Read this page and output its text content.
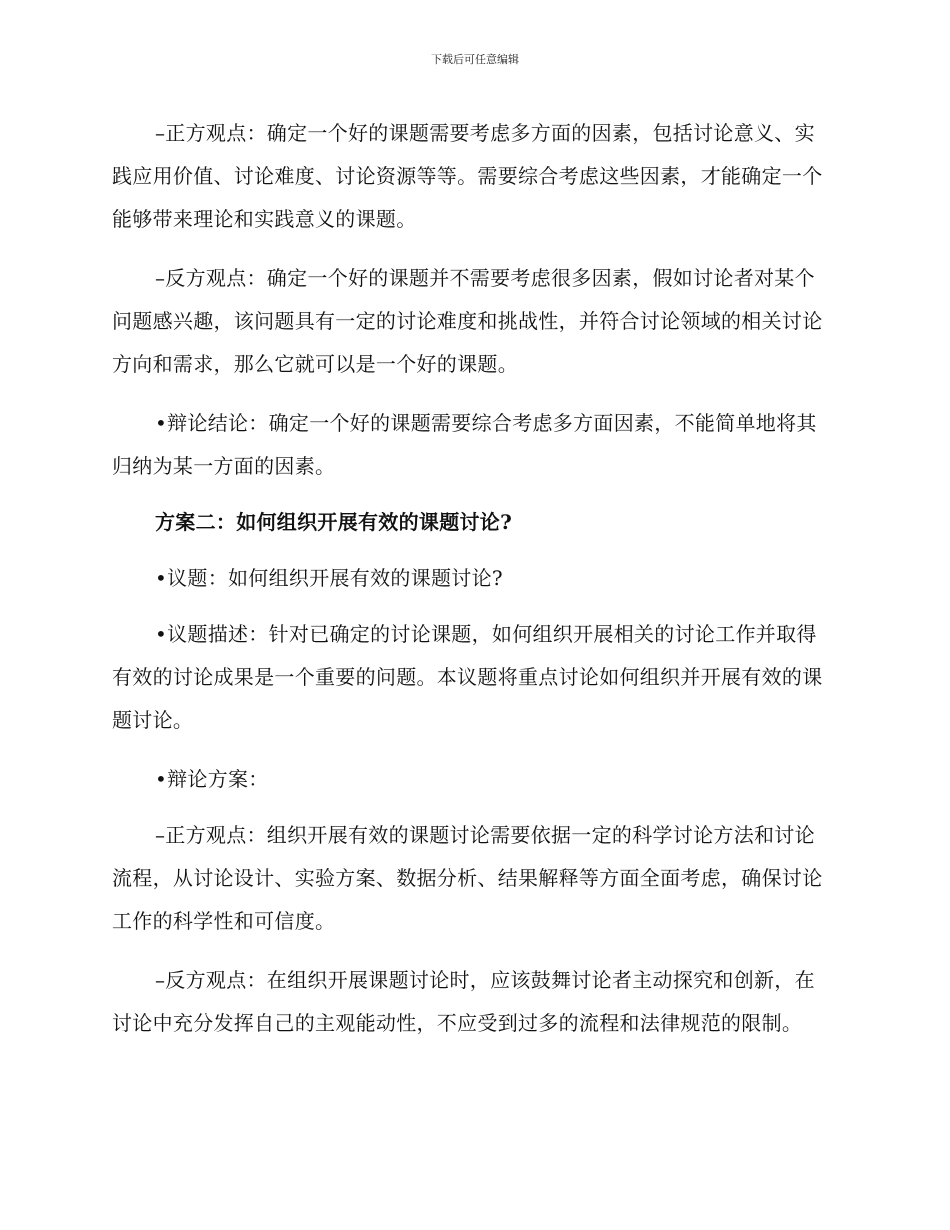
下载后可任意编辑

–正方观点：确定一个好的课题需要考虑多方面的因素，包括讨论意义、实践应用价值、讨论难度、讨论资源等等。需要综合考虑这些因素，才能确定一个能够带来理论和实践意义的课题。

–反方观点：确定一个好的课题并不需要考虑很多因素，假如讨论者对某个问题感兴趣，该问题具有一定的讨论难度和挑战性，并符合讨论领域的相关讨论方向和需求，那么它就可以是一个好的课题。

•辩论结论：确定一个好的课题需要综合考虑多方面因素，不能简单地将其归纳为某一方面的因素。

方案二：如何组织开展有效的课题讨论?

•议题：如何组织开展有效的课题讨论?

•议题描述：针对已确定的讨论课题，如何组织开展相关的讨论工作并取得有效的讨论成果是一个重要的问题。本议题将重点讨论如何组织并开展有效的课题讨论。

•辩论方案：

–正方观点：组织开展有效的课题讨论需要依据一定的科学讨论方法和讨论流程，从讨论设计、实验方案、数据分析、结果解释等方面全面考虑，确保讨论工作的科学性和可信度。

–反方观点：在组织开展课题讨论时，应该鼓舞讨论者主动探究和创新，在讨论中充分发挥自己的主观能动性，不应受到过多的流程和法律规范的限制。
